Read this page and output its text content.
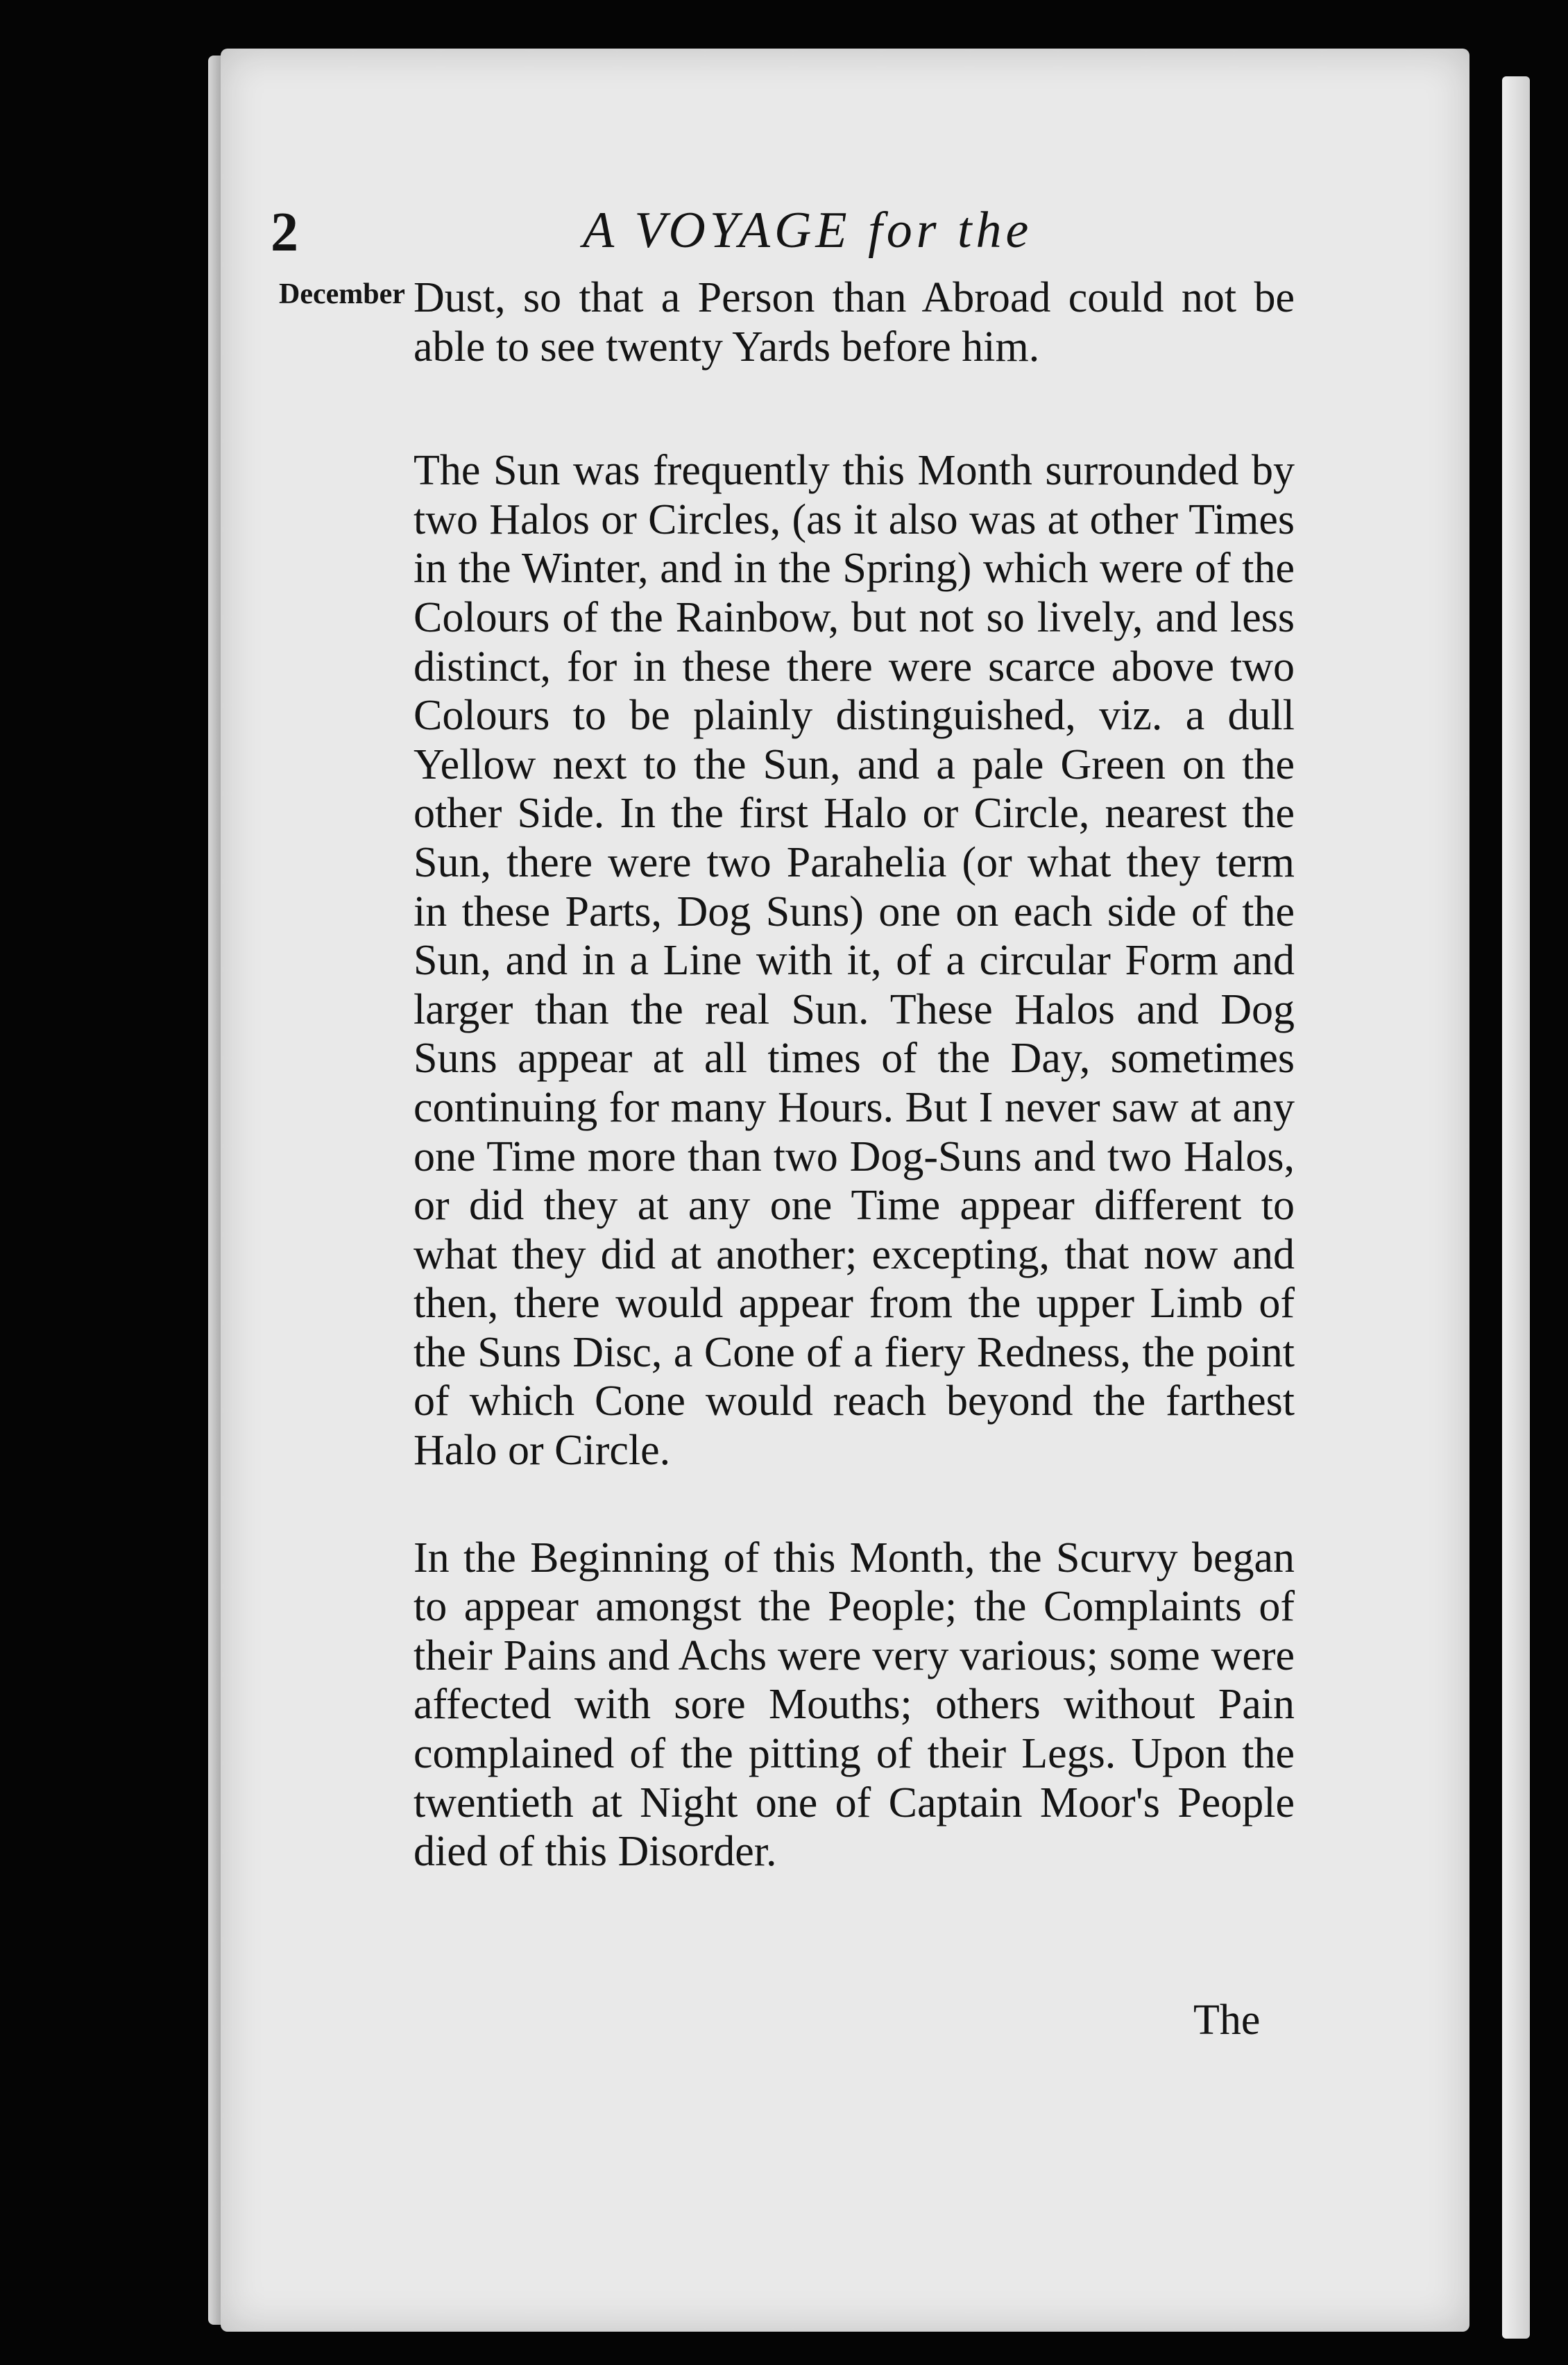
2	A VOYAGE for the
December Dust, so that a Person than Abroad could not be able to see twenty Yards before him.

The Sun was frequently this Month surrounded by two Halos or Circles, (as it also was at other Times in the Winter, and in the Spring) which were of the Colours of the Rainbow, but not so lively, and less distinct, for in these there were scarce above two Colours to be plainly distinguished, viz. a dull Yellow next to the Sun, and a pale Green on the other Side. In the first Halo or Circle, nearest the Sun, there were two Parahelia (or what they term in these Parts, Dog Suns) one on each side of the Sun, and in a Line with it, of a circular Form and larger than the real Sun. These Halos and Dog Suns appear at all times of the Day, sometimes continuing for many Hours. But I never saw at any one Time more than two Dog-Suns and two Halos, or did they at any one Time appear different to what they did at another; excepting, that now and then, there would appear from the upper Limb of the Suns Disc, a Cone of a fiery Redness, the point of which Cone would reach beyond the farthest Halo or Circle.

In the Beginning of this Month, the Scurvy began to appear amongst the People; the Complaints of their Pains and Achs were very various; some were affected with sore Mouths; others without Pain complained of the pitting of their Legs. Upon the twentieth at Night one of Captain Moor's People died of this Disorder.

The
